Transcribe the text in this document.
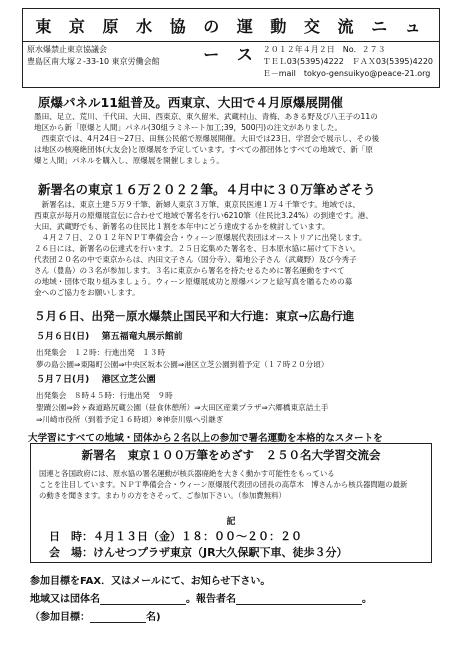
東 京 原 水 協 の 運 動 交 流 ニ ュ ー ス
原水爆禁止東京協議会
豊島区南大塚２-33-10 東京労働会館
２０１２年４月２日　No．２７３
ＴＥＬ03(5395)4222　ＦＡＸ03(5395)4220
Ｅ－mail　tokyo-gensuikyo@peace-21.org
原爆パネル11組普及。西東京、大田で４月原爆展開催

墨田、足立、荒川、千代田、大田、西東京、東久留米、武蔵村山、青梅、あきる野及び八王子の11の

地区から新「原爆と人間」パネル(30組ラミネート加工;39，500円)の注文がありました。

　西東京では、4月24日～27日、田無公民館で原爆展開催。大田では23日、学習会で展示し、その後

は地区の核廃絶団体(大友会)と原爆展を予定しています。すべての都団体とすべての地域で、新「原

爆と人間」パネルを購入し、原爆展を開催しましょう。

新署名の東京１６万２０２２筆。４月中に３０万筆めざそう

　新署名は、東京土建５万９千筆、新婦人東京３万筆、東京民医連１万４千筆です。地域では、

西東京が毎月の原爆展宣伝に合わせて地域で署名を行い6210筆（住民比3.24%）の到達です。港、

大田、武蔵野でも、新署名の住民比１割を本年中にどう達成するかを検討しています。

　４月２７日、２０１２年ＮＰＴ準備会合・ウィーン原爆展代表団はオーストリアに出発します。

２６日には、新署名の伝達式を行います。２５日迄集めた署名を、日本原水協に届けて下さい。

代表団２０名の中で東京からは、内田文子さん（国分寺）、菊地公子さん（武蔵野）及び今秀子

さん（豊島）の３名が参加します。３名に東京から署名を持たせるために署名運動をすべて

の地域・団体で取り組みましょう。ウィーン原爆展成功と原爆パンフと絵写真を贈るための募

金へのご協力をお願いします。

５月６日、出発－原水爆禁止国民平和大行進：東京→広島行進
５月６日(日) 第五福竜丸展示館前
出発集会　１２時：行進出発　１３時
夢の島公園⇒東陽町公園⇒中央区坂本公園⇒港区立芝公園到着予定（１７時２０分頃）
５月７日(月) 港区立芝公園
出発集会　８時４５時：行進出発　９時
聖蹟公園⇒鈴ヶ森道路尻蔵公園（昼食休憩所）⇒大田区産業プラザ⇒六郷橋東京詰土手
⇒川崎市役所（到着予定１６時頃）※神奈川県へ引継ぎ
大学習にすべての地域・団体から２名以上の参加で署名運動を本格的なスタートを
新署名　東京１００万筆をめざす　２５０名大学習交流会
国連と各国政府には、原水協の署名運動が核兵器廃絶を大きく動かす可能性をもっている
ことを注目しています。ＮＰＴ準備会合・ウィーン原爆展代表団の団長の高草木　博さんから核兵器問題の最新
の動きを聞きます。まわりの方をさそって、ご参加下さい。（参加費無料）
記
日　時：４月１３日（金）１８：００～２０：２０
会　場：けんせつプラザ東京（JR大久保駅下車、徒歩３分）
参加目標をFAX．又はメールにて、お知らせ下さい。
地域又は団体名	。報告者名	。
（参加目標：	名)
